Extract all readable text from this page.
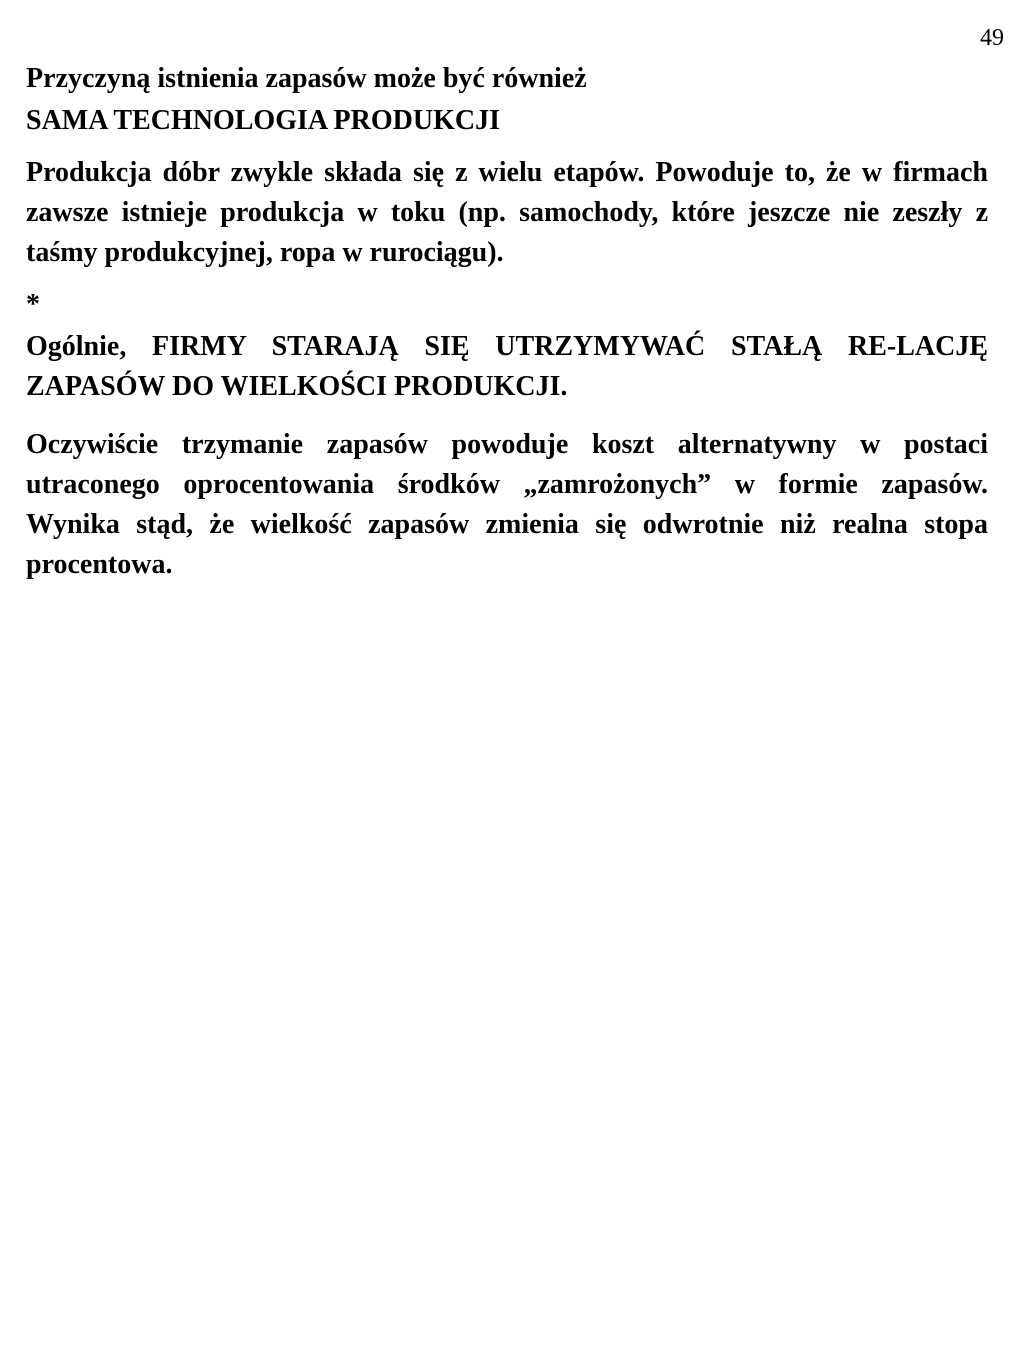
49

Przyczyną istnienia zapasów może być również

SAMA TECHNOLOGIA PRODUKCJI

Produkcja dóbr zwykle składa się z wielu etapów. Powoduje to, że w firmach zawsze istnieje produkcja w toku (np. samochody, które jeszcze nie zeszły z taśmy produkcyjnej, ropa w rurociągu).

*

Ogólnie, FIRMY STARAJĄ SIĘ UTRZYMYWAĆ STAŁĄ RE-LACJĘ ZAPASÓW DO WIELKOŚCI PRODUKCJI.

Oczywiście trzymanie zapasów powoduje koszt alternatywny w postaci utraconego oprocentowania środków „zamrożonych” w formie zapasów. Wynika stąd, że wielkość zapasów zmienia się odwrotnie niż realna stopa procentowa.
